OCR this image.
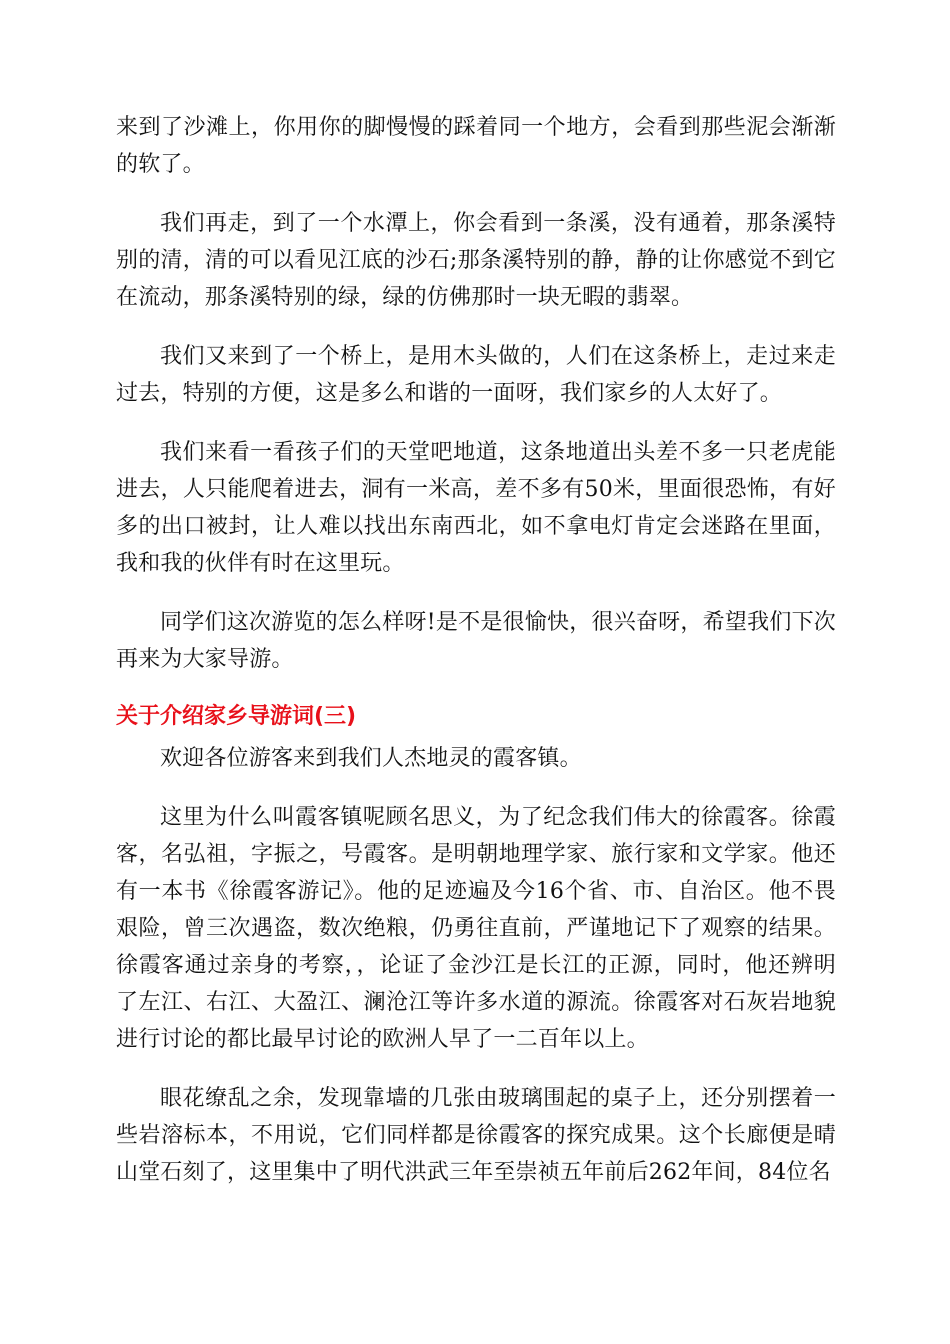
来到了沙滩上，你用你的脚慢慢的踩着同一个地方，会看到那些泥会渐渐的软了。

我们再走，到了一个水潭上，你会看到一条溪，没有通着，那条溪特别的清，清的可以看见江底的沙石;那条溪特别的静，静的让你感觉不到它在流动，那条溪特别的绿，绿的仿佛那时一块无暇的翡翠。

我们又来到了一个桥上，是用木头做的，人们在这条桥上，走过来走过去，特别的方便，这是多么和谐的一面呀，我们家乡的人太好了。

我们来看一看孩子们的天堂吧地道，这条地道出头差不多一只老虎能进去，人只能爬着进去，洞有一米高，差不多有50米，里面很恐怖，有好多的出口被封，让人难以找出东南西北，如不拿电灯肯定会迷路在里面，我和我的伙伴有时在这里玩。

同学们这次游览的怎么样呀!是不是很愉快，很兴奋呀，希望我们下次再来为大家导游。

关于介绍家乡导游词(三)

欢迎各位游客来到我们人杰地灵的霞客镇。

这里为什么叫霞客镇呢顾名思义，为了纪念我们伟大的徐霞客。徐霞客，名弘祖，字振之，号霞客。是明朝地理学家、旅行家和文学家。他还有一本书《徐霞客游记》。他的足迹遍及今16个省、市、自治区。他不畏艰险，曾三次遇盗，数次绝粮，仍勇往直前，严谨地记下了观察的结果。徐霞客通过亲身的考察，，论证了金沙江是长江的正源，同时，他还辨明了左江、右江、大盈江、澜沧江等许多水道的源流。徐霞客对石灰岩地貌进行讨论的都比最早讨论的欧洲人早了一二百年以上。

眼花缭乱之余，发现靠墙的几张由玻璃围起的桌子上，还分别摆着一些岩溶标本，不用说，它们同样都是徐霞客的探究成果。这个长廊便是晴山堂石刻了，这里集中了明代洪武三年至崇祯五年前后262年间，84位名
